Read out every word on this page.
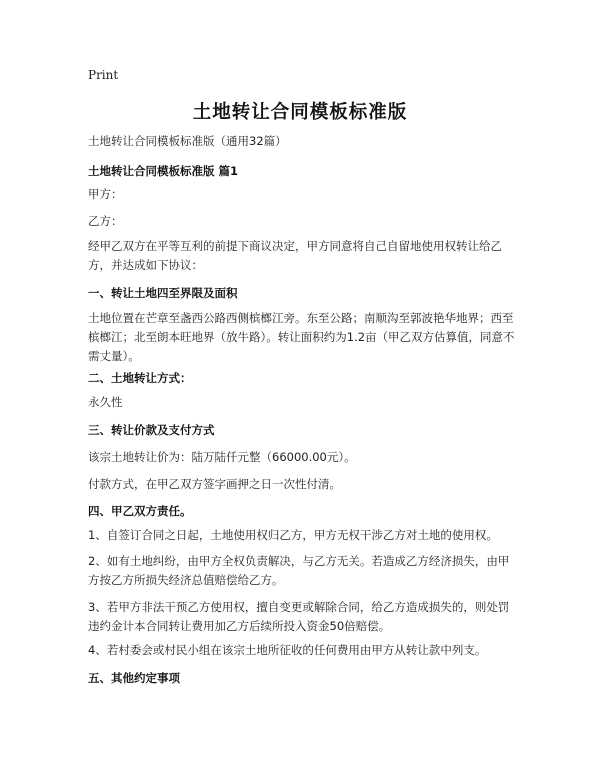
Print
土地转让合同模板标准版
土地转让合同模板标准版（通用32篇）
土地转让合同模板标准版 篇1
甲方：
乙方：
经甲乙双方在平等互利的前提下商议决定，甲方同意将自己自留地使用权转让给乙方，并达成如下协议：
一、转让土地四至界限及面积
土地位置在芒章至盏西公路西侧槟榔江旁。东至公路；南顺沟至郭波艳华地界；西至 槟榔江；北至朗本旺地界（放牛路）。转让面积约为1.2亩（甲乙双方估算值，同意不需丈量）。
二、土地转让方式：
永久性
三、转让价款及支付方式
该宗土地转让价为：陆万陆仟元整（66000.00元）。
付款方式，在甲乙双方签字画押之日一次性付清。
四、甲乙双方责任。
1、自签订合同之日起，土地使用权归乙方，甲方无权干涉乙方对土地的使用权。
2、如有土地纠纷，由甲方全权负责解决，与乙方无关。若造成乙方经济损失，由甲方按乙方所损失经济总值赔偿给乙方。
3、若甲方非法干预乙方使用权，擅自变更或解除合同，给乙方造成损失的，则处罚违约金计本合同转让费用加乙方后续所投入资金50倍赔偿。
4、若村委会或村民小组在该宗土地所征收的任何费用由甲方从转让款中列支。
五、其他约定事项
